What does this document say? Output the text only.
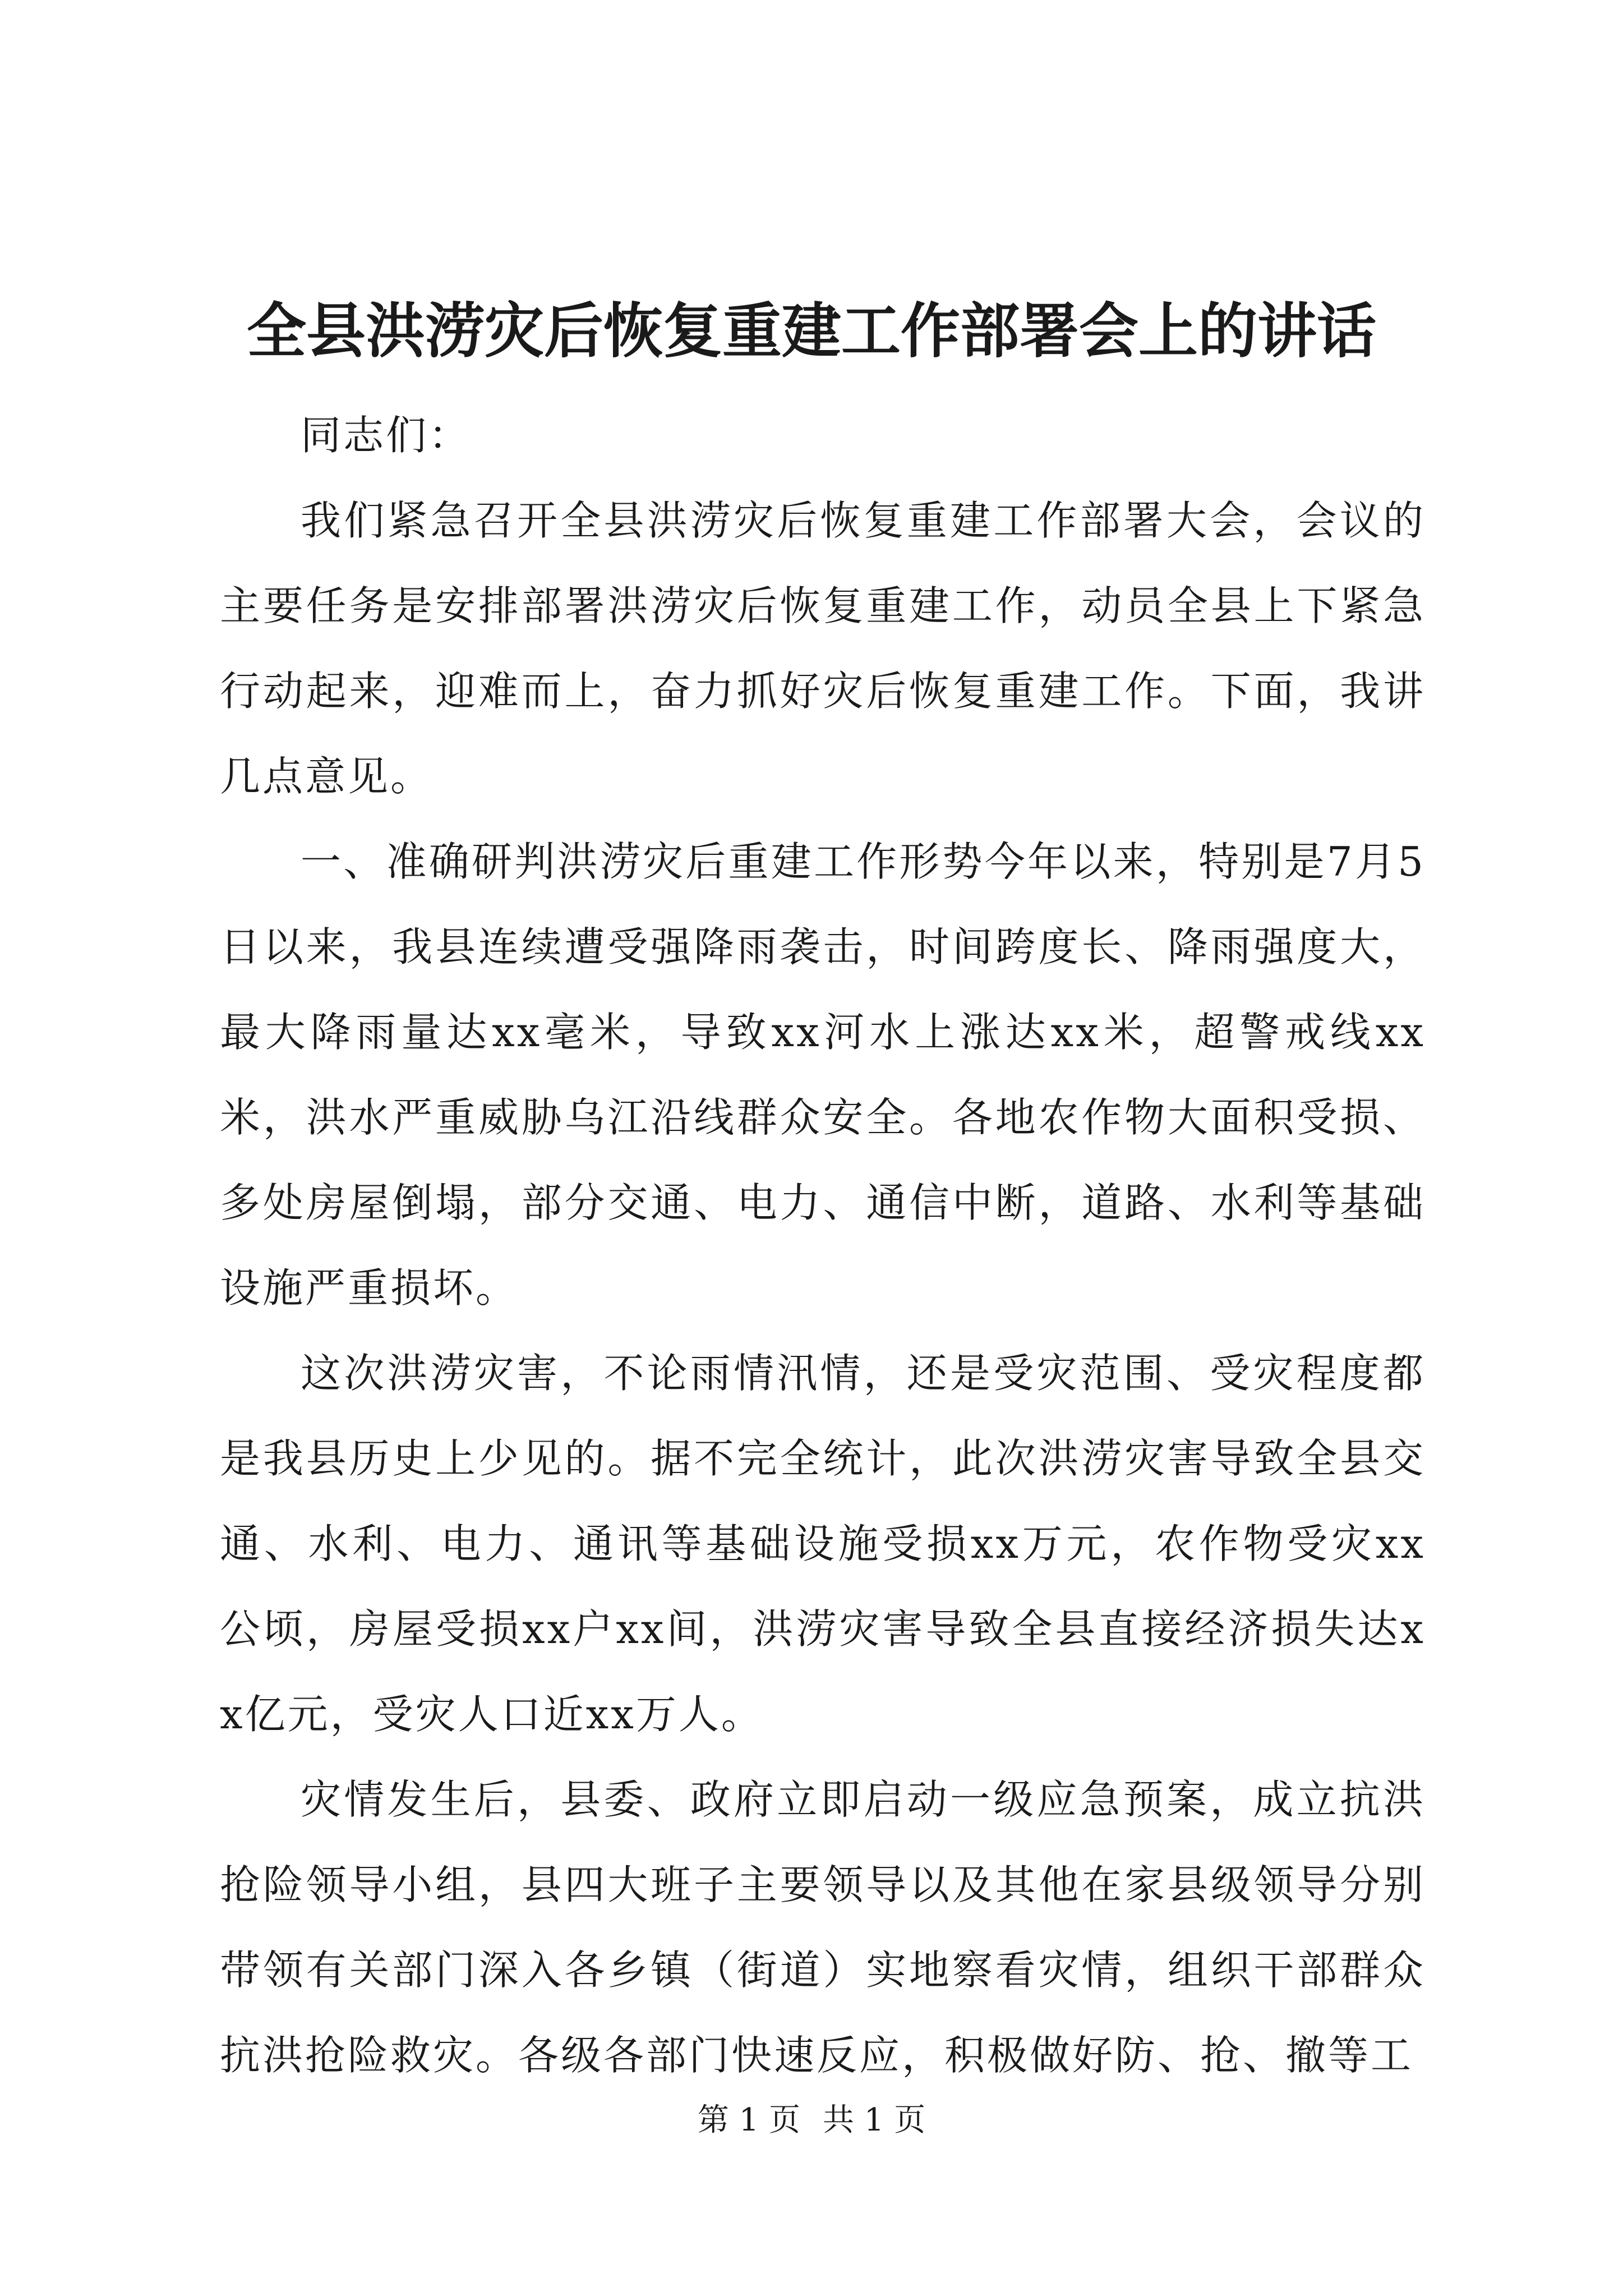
全县洪涝灾后恢复重建工作部署会上的讲话

同志们：

我们紧急召开全县洪涝灾后恢复重建工作部署大会，会议的主要任务是安排部署洪涝灾后恢复重建工作，动员全县上下紧急行动起来，迎难而上，奋力抓好灾后恢复重建工作。下面，我讲几点意见。

一、准确研判洪涝灾后重建工作形势今年以来，特别是7月5日以来，我县连续遭受强降雨袭击，时间跨度长、降雨强度大，最大降雨量达xx毫米，导致xx河水上涨达xx米，超警戒线xx米，洪水严重威胁乌江沿线群众安全。各地农作物大面积受损、多处房屋倒塌，部分交通、电力、通信中断，道路、水利等基础设施严重损坏。

这次洪涝灾害，不论雨情汛情，还是受灾范围、受灾程度都是我县历史上少见的。据不完全统计，此次洪涝灾害导致全县交通、水利、电力、通讯等基础设施受损xx万元，农作物受灾xx公顷，房屋受损xx户xx间，洪涝灾害导致全县直接经济损失达xx亿元，受灾人口近xx万人。

灾情发生后，县委、政府立即启动一级应急预案，成立抗洪抢险领导小组，县四大班子主要领导以及其他在家县级领导分别带领有关部门深入各乡镇（街道）实地察看灾情，组织干部群众抗洪抢险救灾。各级各部门快速反应，积极做好防、抢、撤等工

第 1 页 共 1 页
